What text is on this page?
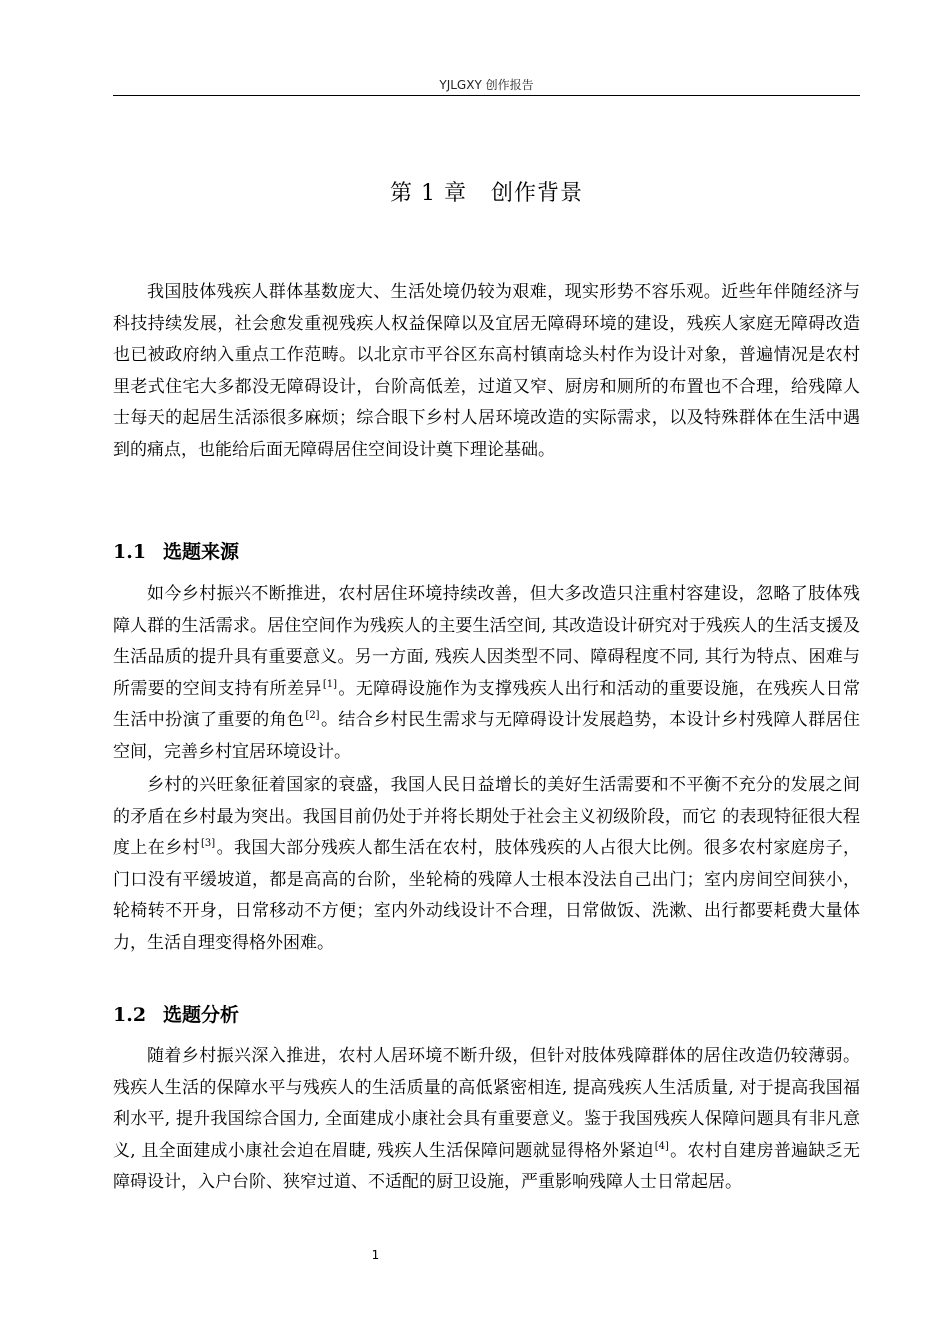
YJLGXY 创作报告
第 1 章 创作背景

我国肢体残疾人群体基数庞大、生活处境仍较为艰难，现实形势不容乐观。近些年伴随经济与科技持续发展，社会愈发重视残疾人权益保障以及宜居无障碍环境的建设，残疾人家庭无障碍改造也已被政府纳入重点工作范畴。以北京市平谷区东高村镇南埝头村作为设计对象，普遍情况是农村里老式住宅大多都没无障碍设计，台阶高低差，过道又窄、厨房和厕所的布置也不合理，给残障人士每天的起居生活添很多麻烦；综合眼下乡村人居环境改造的实际需求，以及特殊群体在生活中遇到的痛点，也能给后面无障碍居住空间设计奠下理论基础。

1.1 选题来源

如今乡村振兴不断推进，农村居住环境持续改善，但大多改造只注重村容建设，忽略了肢体残障人群的生活需求。居住空间作为残疾人的主要生活空间, 其改造设计研究对于残疾人的生活支援及生活品质的提升具有重要意义。另一方面, 残疾人因类型不同、障碍程度不同, 其行为特点、困难与所需要的空间支持有所差异[1]。无障碍设施作为支撑残疾人出行和活动的重要设施，在残疾人日常生活中扮演了重要的角色[2]。结合乡村民生需求与无障碍设计发展趋势，本设计乡村残障人群居住空间，完善乡村宜居环境设计。

乡村的兴旺象征着国家的衰盛，我国人民日益增长的美好生活需要和不平衡不充分的发展之间的矛盾在乡村最为突出。我国目前仍处于并将长期处于社会主义初级阶段，而它 的表现特征很大程度上在乡村[3]。我国大部分残疾人都生活在农村，肢体残疾的人占很大比例。很多农村家庭房子，门口没有平缓坡道，都是高高的台阶，坐轮椅的残障人士根本没法自己出门；室内房间空间狭小，轮椅转不开身，日常移动不方便；室内外动线设计不合理，日常做饭、洗漱、出行都要耗费大量体力，生活自理变得格外困难。

1.2 选题分析

随着乡村振兴深入推进，农村人居环境不断升级，但针对肢体残障群体的居住改造仍较薄弱。残疾人生活的保障水平与残疾人的生活质量的高低紧密相连, 提高残疾人生活质量, 对于提高我国福利水平, 提升我国综合国力, 全面建成小康社会具有重要意义。鉴于我国残疾人保障问题具有非凡意义, 且全面建成小康社会迫在眉睫, 残疾人生活保障问题就显得格外紧迫[4]。农村自建房普遍缺乏无障碍设计，入户台阶、狭窄过道、不适配的厨卫设施，严重影响残障人士日常起居。

1
